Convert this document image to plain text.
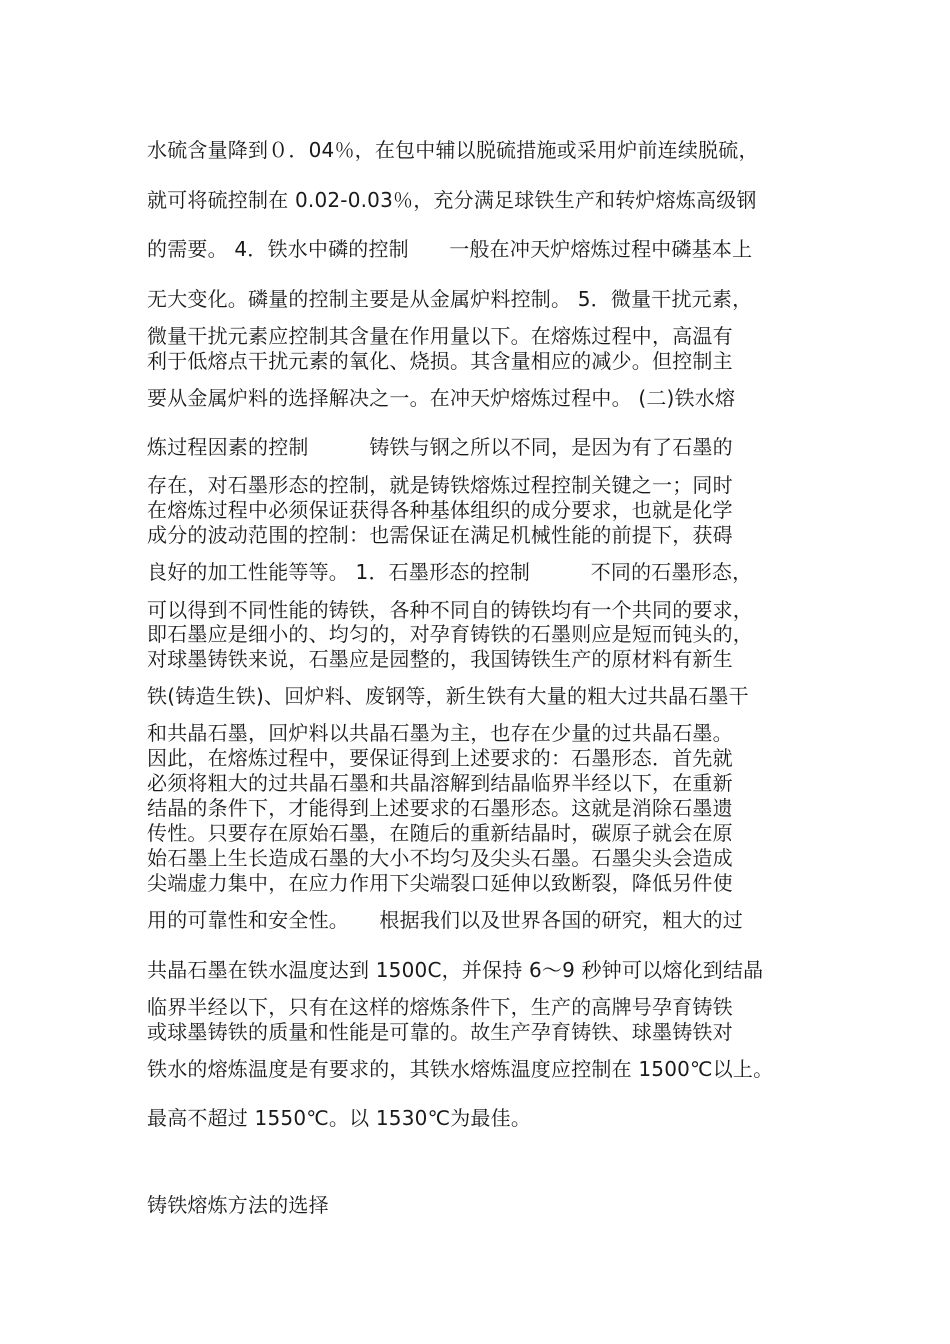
水硫含量降到０．04％，在包中辅以脱硫措施或采用炉前连续脱硫，
就可将硫控制在 0.02-0.03％，充分满足球铁生产和转炉熔炼高级钢
的需要。 4．铁水中磷的控制　　一般在冲天炉熔炼过程中磷基本上
无大变化。磷量的控制主要是从金属炉料控制。 5．微量干扰元素，
微量干扰元素应控制其含量在作用量以下。在熔炼过程中，高温有
利于低熔点干扰元素的氧化、烧损。其含量相应的减少。但控制主
要从金属炉料的选择解决之一。在冲天炉熔炼过程中。 (二)铁水熔
炼过程因素的控制　　　铸铁与钢之所以不同，是因为有了石墨的
存在，对石墨形态的控制，就是铸铁熔炼过程控制关键之一；同时
在熔炼过程中必须保证获得各种基体组织的成分要求，也就是化学
成分的波动范围的控制：也需保证在满足机械性能的前提下，获碍
良好的加工性能等等。 1．石墨形态的控制　　　不同的石墨形态，
可以得到不同性能的铸铁，各种不同自的铸铁均有一个共同的要求，
即石墨应是细小的、均匀的，对孕育铸铁的石墨则应是短而钝头的，
对球墨铸铁来说，石墨应是园整的，我国铸铁生产的原材料有新生
铁(铸造生铁)、回炉料、废钢等，新生铁有大量的粗大过共晶石墨干
和共晶石墨，回炉料以共晶石墨为主，也存在少量的过共晶石墨。
因此，在熔炼过程中，要保证得到上述要求的：石墨形态．首先就
必须将粗大的过共晶石墨和共晶溶解到结晶临界半经以下，在重新
结晶的条件下，才能得到上述要求的石墨形态。这就是消除石墨遗
传性。只要存在原始石墨，在随后的重新结晶时，碳原子就会在原
始石墨上生长造成石墨的大小不均匀及尖头石墨。石墨尖头会造成
尖端虚力集中，在应力作用下尖端裂口延伸以致断裂，降低另件使
用的可靠性和安全性。　　根据我们以及世界各国的研究，粗大的过
共晶石墨在铁水温度达到 1500C，并保持 6～9 秒钟可以熔化到结晶
临界半经以下，只有在这样的熔炼条件下，生产的高牌号孕育铸铁
或球墨铸铁的质量和性能是可靠的。故生产孕育铸铁、球墨铸铁对
铁水的熔炼温度是有要求的，其铁水熔炼温度应控制在 1500℃以上。
最高不超过 1550℃。以 1530℃为最佳。
铸铁熔炼方法的选择
